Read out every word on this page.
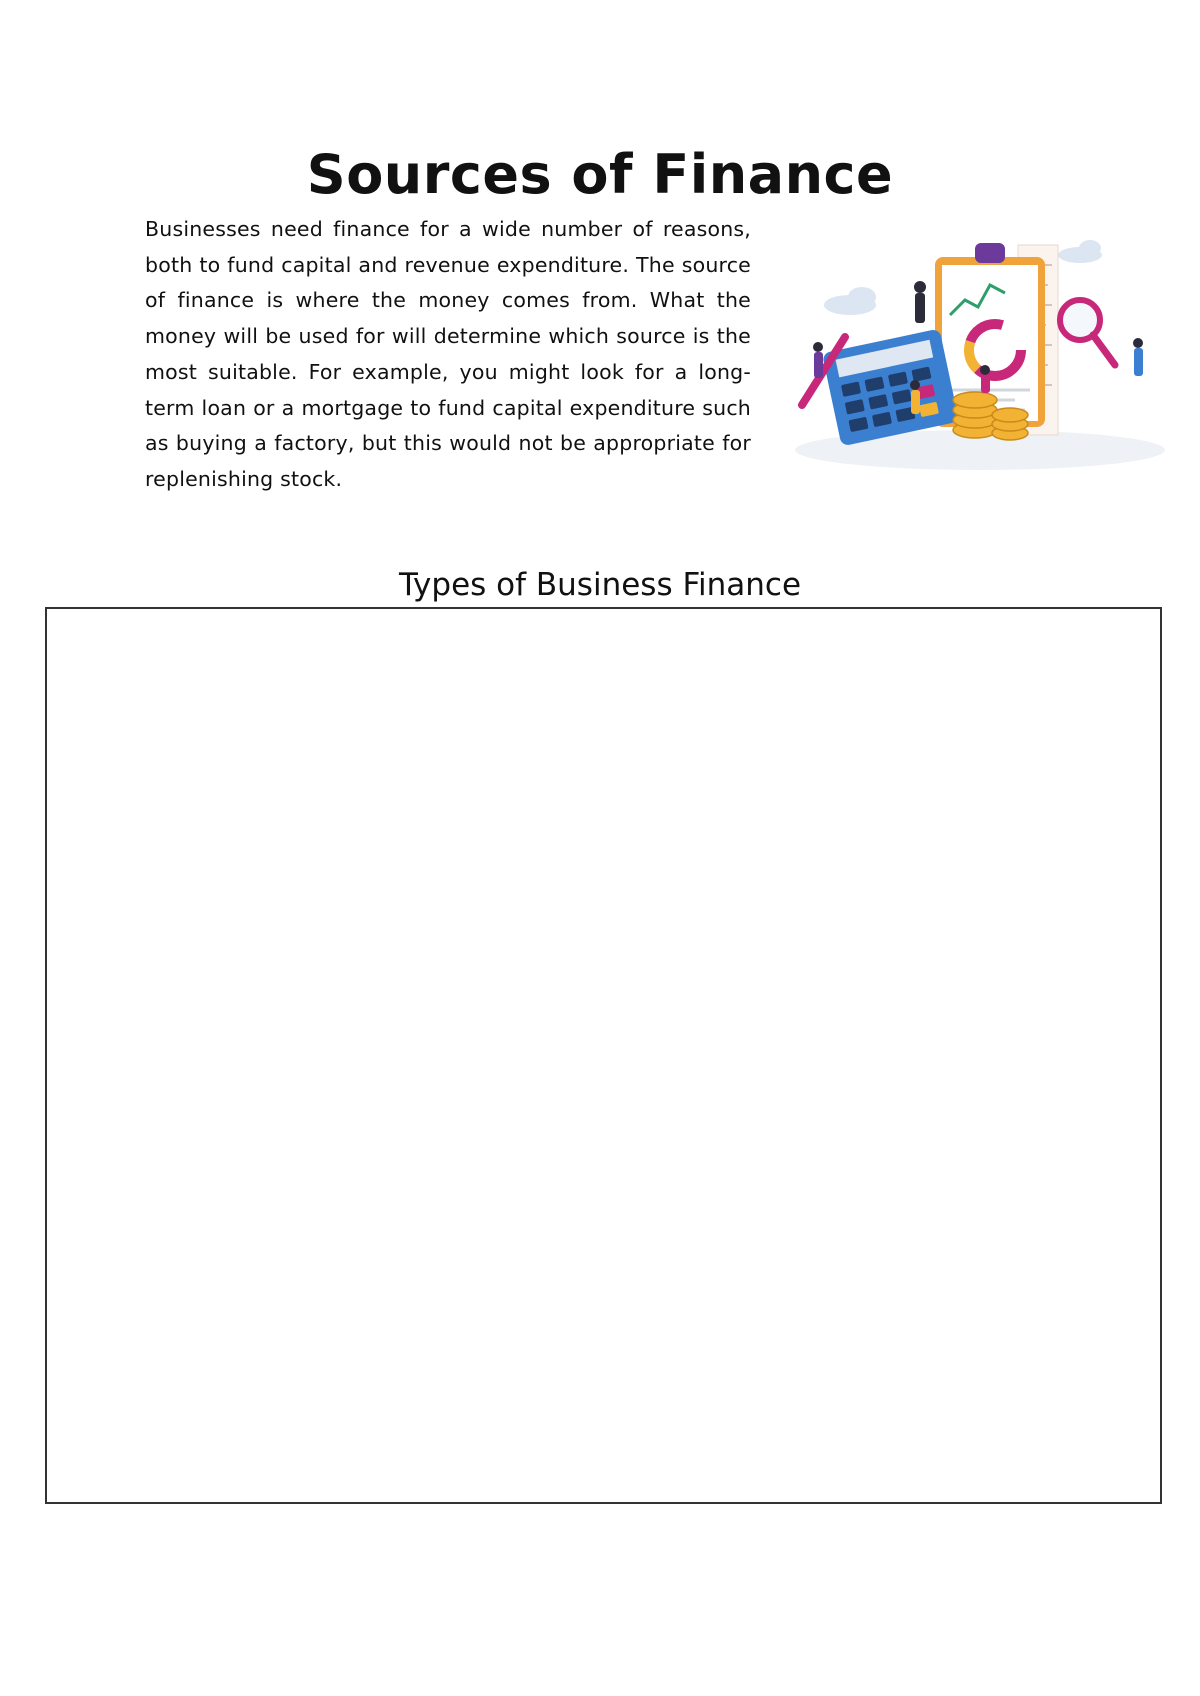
Sources of Finance

Businesses need finance for a wide number of reasons, both to fund capital and revenue expenditure. The source of finance is where the money comes from. What the money will be used for will determine which source is the most suitable. For example, you might look for a long-term loan or a mortgage to fund capital expenditure such as buying a factory, but this would not be appropriate for replenishing stock.

Types of Business Finance
